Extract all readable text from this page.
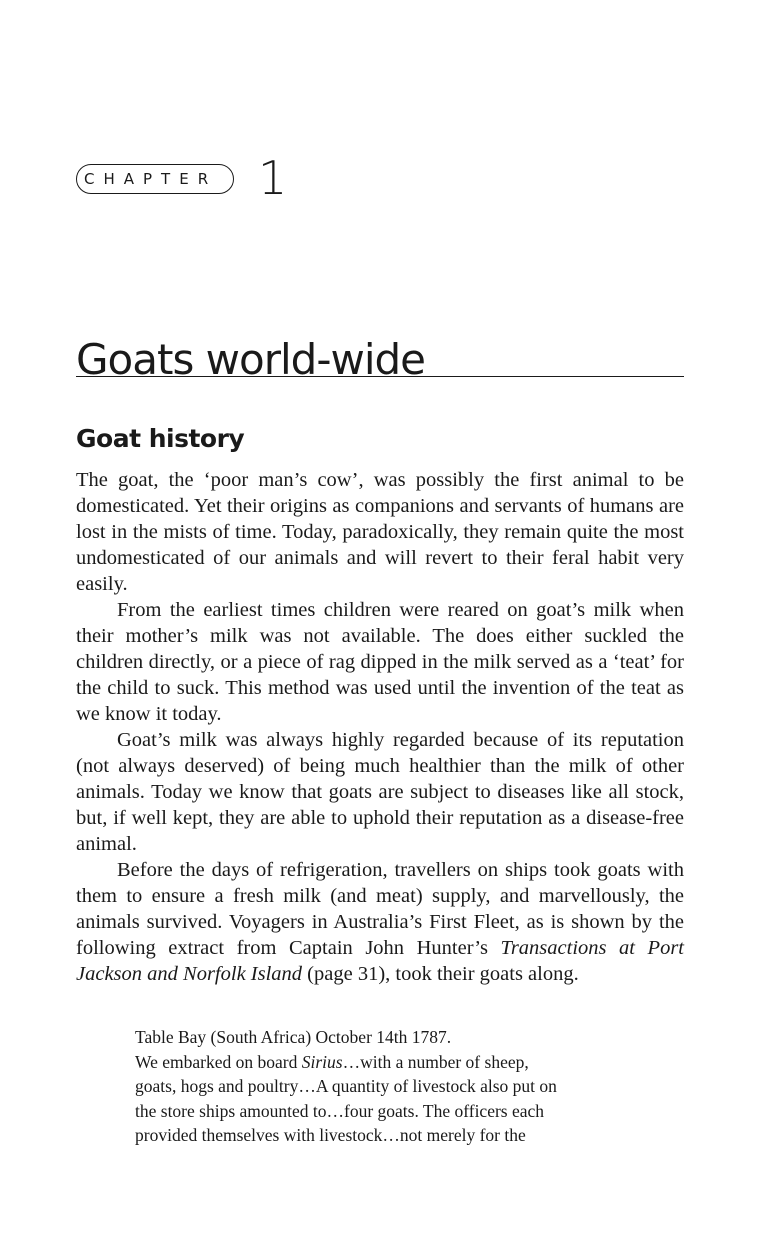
CHAPTER 1
Goats world-wide
Goat history

The goat, the ‘poor man’s cow’, was possibly the first animal to be domesticated. Yet their origins as companions and servants of humans are lost in the mists of time. Today, paradoxically, they remain quite the most undomesticated of our animals and will revert to their feral habit very easily.

From the earliest times children were reared on goat’s milk when their mother’s milk was not available. The does either suckled the children directly, or a piece of rag dipped in the milk served as a ‘teat’ for the child to suck. This method was used until the invention of the teat as we know it today.

Goat’s milk was always highly regarded because of its reputation (not always deserved) of being much healthier than the milk of other animals. Today we know that goats are subject to diseases like all stock, but, if well kept, they are able to uphold their reputation as a disease-free animal.

Before the days of refrigeration, travellers on ships took goats with them to ensure a fresh milk (and meat) supply, and marvellously, the animals survived. Voyagers in Australia’s First Fleet, as is shown by the following extract from Captain John Hunter’s Transactions at Port Jackson and Norfolk Island (page 31), took their goats along.

Table Bay (South Africa) October 14th 1787.
We embarked on board Sirius…with a number of sheep,
goats, hogs and poultry…A quantity of livestock also put on
the store ships amounted to…four goats. The officers each
provided themselves with livestock…not merely for the
